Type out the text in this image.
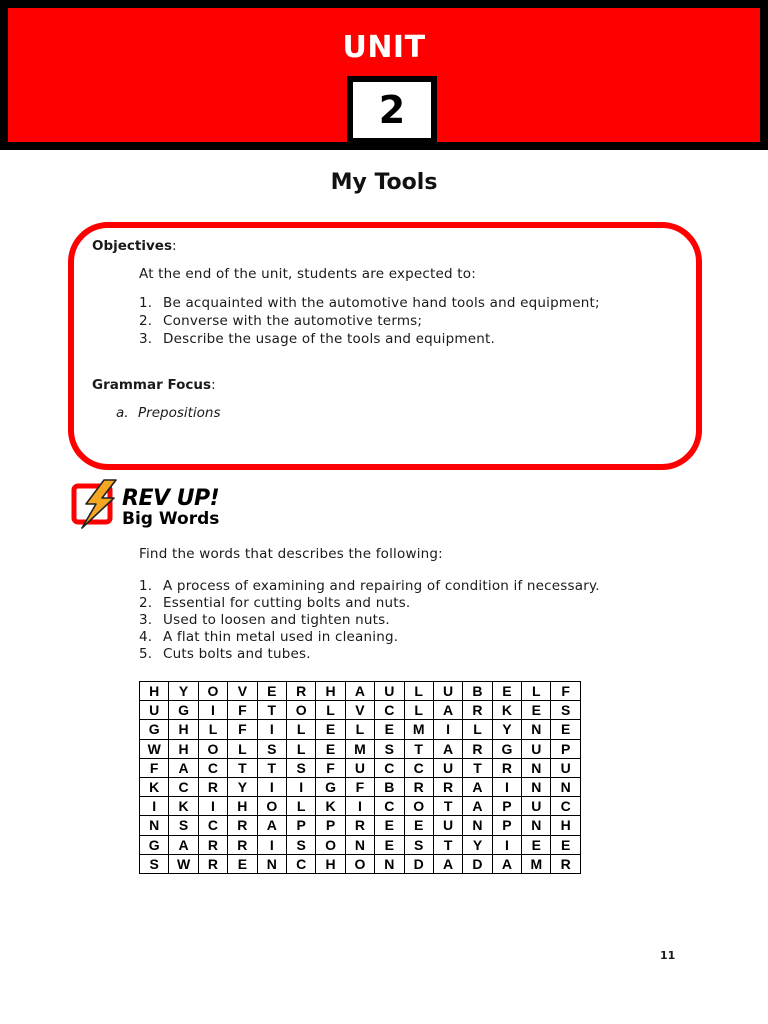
UNIT
2
My Tools
Objectives:
At the end of the unit, students are expected to:
1. Be acquainted with the automotive hand tools and equipment;
2. Converse with the automotive terms;
3. Describe the usage of the tools and equipment.
Grammar Focus:
a. Prepositions
REV UP!
Big Words
Find the words that describes the following:
1. A process of examining and repairing of condition if necessary.
2. Essential for cutting bolts and nuts.
3. Used to loosen and tighten nuts.
4. A flat thin metal used in cleaning.
5. Cuts bolts and tubes.
H	Y	O	V	E	R	H	A	U	L	U	B	E	L	F
U	G	I	F	T	O	L	V	C	L	A	R	K	E	S
G	H	L	F	I	L	E	L	E	M	I	L	Y	N	E
W	H	O	L	S	L	E	M	S	T	A	R	G	U	P
F	A	C	T	T	S	F	U	C	C	U	T	R	N	U
K	C	R	Y	I	I	G	F	B	R	R	A	I	N	N
I	K	I	H	O	L	K	I	C	O	T	A	P	U	C
N	S	C	R	A	P	P	R	E	E	U	N	P	N	H
G	A	R	R	I	S	O	N	E	S	T	Y	I	E	E
S	W	R	E	N	C	H	O	N	D	A	D	A	M	R
11
